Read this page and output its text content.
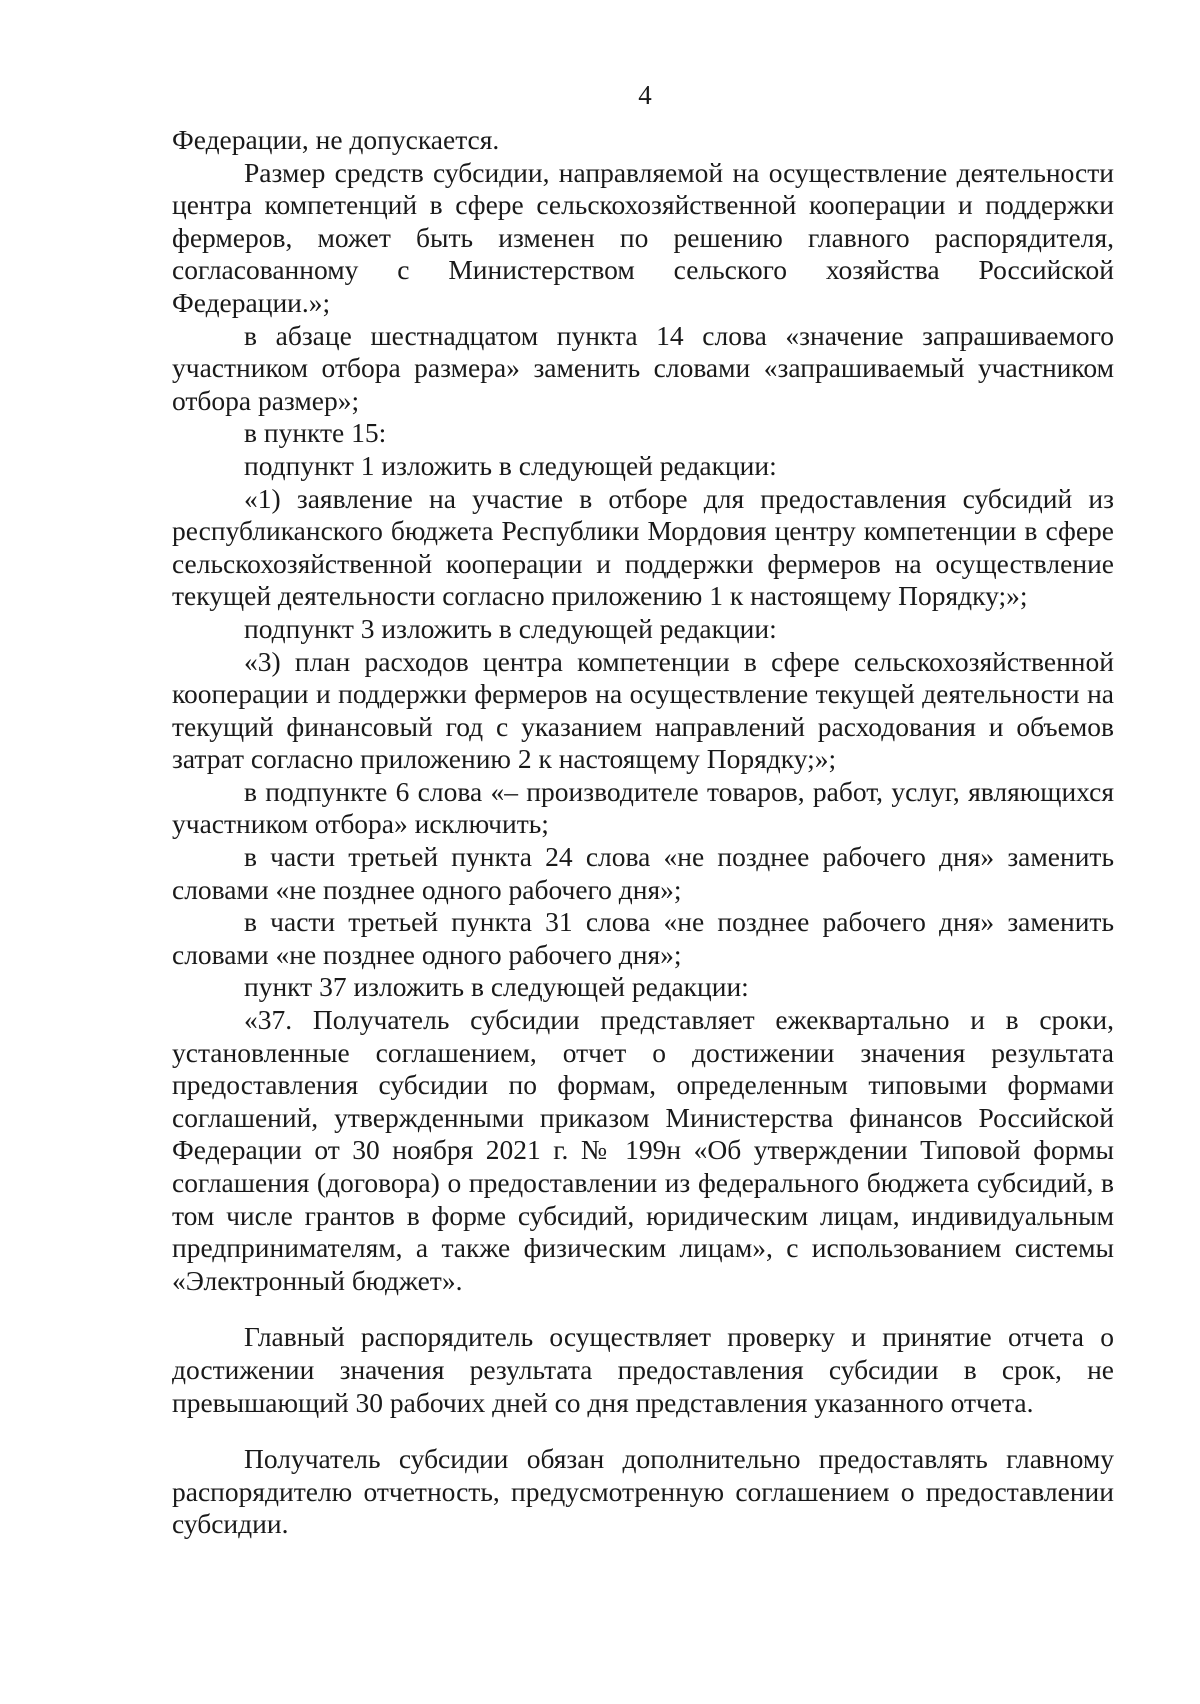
4

Федерации, не допускается.

Размер средств субсидии, направляемой на осуществление деятельности центра компетенций в сфере сельскохозяйственной кооперации и поддержки фермеров, может быть изменен по решению главного распорядителя, согласованному с Министерством сельского хозяйства Российской Федерации.»;

в абзаце шестнадцатом пункта 14 слова «значение запрашиваемого участником отбора размера» заменить словами «запрашиваемый участником отбора размер»;

в пункте 15:

подпункт 1 изложить в следующей редакции:

«1) заявление на участие в отборе для предоставления субсидий из республиканского бюджета Республики Мордовия центру компетенции в сфере сельскохозяйственной кооперации и поддержки фермеров на осуществление текущей деятельности согласно приложению 1 к настоящему Порядку;»;

подпункт 3 изложить в следующей редакции:

«3) план расходов центра компетенции в сфере сельскохозяйственной кооперации и поддержки фермеров на осуществление текущей деятельности на текущий финансовый год с указанием направлений расходования и объемов затрат согласно приложению 2 к настоящему Порядку;»;

в подпункте 6 слова «– производителе товаров, работ, услуг, являющихся участником отбора» исключить;

в части третьей пункта 24 слова «не позднее рабочего дня» заменить словами «не позднее одного рабочего дня»;

в части третьей пункта 31 слова «не позднее рабочего дня» заменить словами «не позднее одного рабочего дня»;

пункт 37 изложить в следующей редакции:

«37. Получатель субсидии представляет ежеквартально и в сроки, установленные соглашением, отчет о достижении значения результата предоставления субсидии по формам, определенным типовыми формами соглашений, утвержденными приказом Министерства финансов Российской Федерации от 30 ноября 2021 г. № 199н «Об утверждении Типовой формы соглашения (договора) о предоставлении из федерального бюджета субсидий, в том числе грантов в форме субсидий, юридическим лицам, индивидуальным предпринимателям, а также физическим лицам», с использованием системы «Электронный бюджет».

Главный распорядитель осуществляет проверку и принятие отчета о достижении значения результата предоставления субсидии в срок, не превышающий 30 рабочих дней со дня представления указанного отчета.

Получатель субсидии обязан дополнительно предоставлять главному распорядителю отчетность, предусмотренную соглашением о предоставлении субсидии.
